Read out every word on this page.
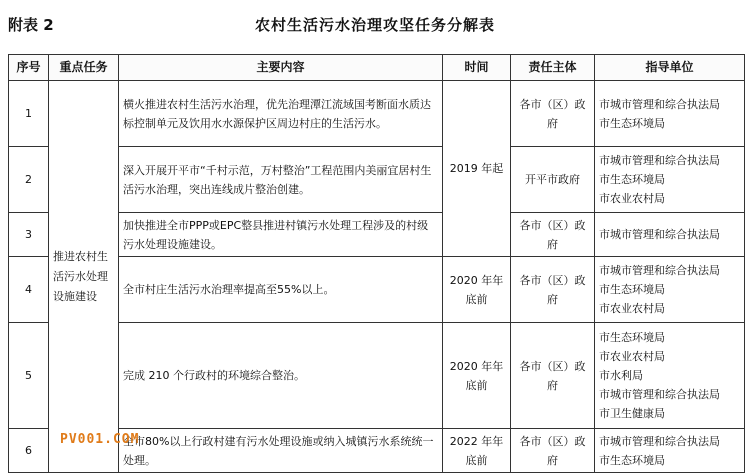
附表 2	农村生活污水治理攻坚任务分解表
序号	重点任务	主要内容	时间	责任主体	指导单位
1	推进农村生活污水处理设施建设	横火推进农村生活污水治理，优先治理潭江流域国考断面水质达标控制单元及饮用水水源保护区周边村庄的生活污水。	2019 年起	各市（区）政府	市城市管理和综合执法局
市生态环境局

2		深入开展开平市“千村示范，万村整治”工程范围内美丽宜居村生活污水治理，突出连线成片整治创建。		开平市政府	市城市管理和综合执法局
市生态环境局
市农业农村局

3		加快推进全市PPP或EPC整县推进村镇污水处理工程涉及的村级污水处理设施建设。		各市（区）政府	市城市管理和综合执法局

4		全市村庄生活污水治理率提高至55%以上。	2020 年年底前	各市（区）政府	市城市管理和综合执法局
市生态环境局
市农业农村局

5		完成 210 个行政村的环境综合整治。	2020 年年底前	各市（区）政府	市生态环境局
市农业农村局
市水利局
市城市管理和综合执法局
市卫生健康局

6		全市80%以上行政村建有污水处理设施或纳入城镇污水系统统一处理。	2022 年年底前	各市（区）政府	市城市管理和综合执法局
市生态环境局
PV001.COM
